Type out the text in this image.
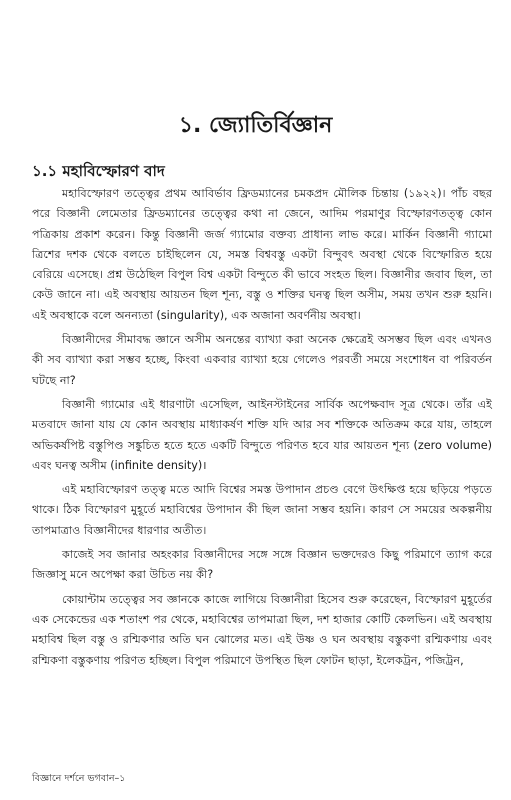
১. জ্যোতির্বিজ্ঞান
১.১ মহাবিস্ফোরণ বাদ

মহাবিস্ফোরণ তত্ত্বের প্রথম আবির্ভাব ফ্রিডম্যানের চমকপ্রদ মৌলিক চিন্তায় (১৯২২)। পাঁচ বছর পরে বিজ্ঞানী লেমেতার ফ্রিডম্যানের তত্ত্বের কথা না জেনে, আদিম পরমাণুর বিস্ফোরণতত্ত্ব কোন পত্রিকায় প্রকাশ করেন। কিন্তু বিজ্ঞানী জর্জ গ্যামোর বক্তব্য প্রাধান্য লাভ করে। মার্কিন বিজ্ঞানী গ্যামো ত্রিশের দশক থেকে বলতে চাইছিলেন যে, সমস্ত বিশ্ববস্তু একটা বিন্দুবৎ অবস্থা থেকে বিস্ফোরিত হয়ে বেরিয়ে এসেছে। প্রশ্ন উঠেছিল বিপুল বিশ্ব একটা বিন্দুতে কী ভাবে সংহত ছিল। বিজ্ঞানীর জবাব ছিল, তা কেউ জানে না। এই অবস্থায় আয়তন ছিল শূন্য, বস্তু ও শক্তির ঘনত্ব ছিল অসীম, সময় তখন শুরু হয়নি। এই অবস্থাকে বলে অনন্যতা (singularity), এক অজানা অবর্ণনীয় অবস্থা।

বিজ্ঞানীদের সীমাবদ্ধ জ্ঞানে অসীম অনন্তের ব্যাখ্যা করা অনেক ক্ষেত্রেই অসম্ভব ছিল এবং এখনও কী সব ব্যাখ্যা করা সম্ভব হচ্ছে, কিংবা একবার ব্যাখ্যা হয়ে গেলেও পরবর্তী সময়ে সংশোধন বা পরিবর্তন ঘটছে না?

বিজ্ঞানী গ্যামোর এই ধারণাটা এসেছিল, আইনস্টাইনের সার্বিক অপেক্ষবাদ সূত্র থেকে। তাঁর এই মতবাদে জানা যায় যে কোন অবস্থায় মাধ্যাকর্ষণ শক্তি যদি আর সব শক্তিকে অতিক্রম করে যায়, তাহলে অভিকর্ষপিষ্ট বস্তুপিণ্ড সঙ্কুচিত হতে হতে একটি বিন্দুতে পরিণত হবে যার আয়তন শূন্য (zero volume) এবং ঘনত্ব অসীম (infinite density)।

এই মহাবিস্ফোরণ তত্ত্ব মতে আদি বিশ্বের সমস্ত উপাদান প্রচণ্ড বেগে উৎক্ষিপ্ত হয়ে ছড়িয়ে পড়তে থাকে। ঠিক বিস্ফোরণ মুহূর্তে মহাবিশ্বের উপাদান কী ছিল জানা সম্ভব হয়নি। কারণ সে সময়ের অকল্পনীয় তাপমাত্রাও বিজ্ঞানীদের ধারণার অতীত।

কাজেই সব জানার অহংকার বিজ্ঞানীদের সঙ্গে সঙ্গে বিজ্ঞান ভক্তদেরও কিছু পরিমাণে ত্যাগ করে জিজ্ঞাসু মনে অপেক্ষা করা উচিত নয় কী?

কোয়ান্টাম তত্ত্বের সব জ্ঞানকে কাজে লাগিয়ে বিজ্ঞানীরা হিসেব শুরু করেছেন, বিস্ফোরণ মুহূর্তের এক সেকেন্ডের এক শতাংশ পর থেকে, মহাবিশ্বের তাপমাত্রা ছিল, দশ হাজার কোটি কেলভিন। এই অবস্থায় মহাবিশ্ব ছিল বস্তু ও রশ্মিকণার অতি ঘন ঝোলের মত। এই উষ্ণ ও ঘন অবস্থায় বস্তুকণা রশ্মিকণায় এবং রশ্মিকণা বস্তুকণায় পরিণত হচ্ছিল। বিপুল পরিমাণে উপস্থিত ছিল ফোটন ছাড়া, ইলেকট্রন, পজিট্রন,

বিজ্ঞানে দর্শনে ভগবান–১
